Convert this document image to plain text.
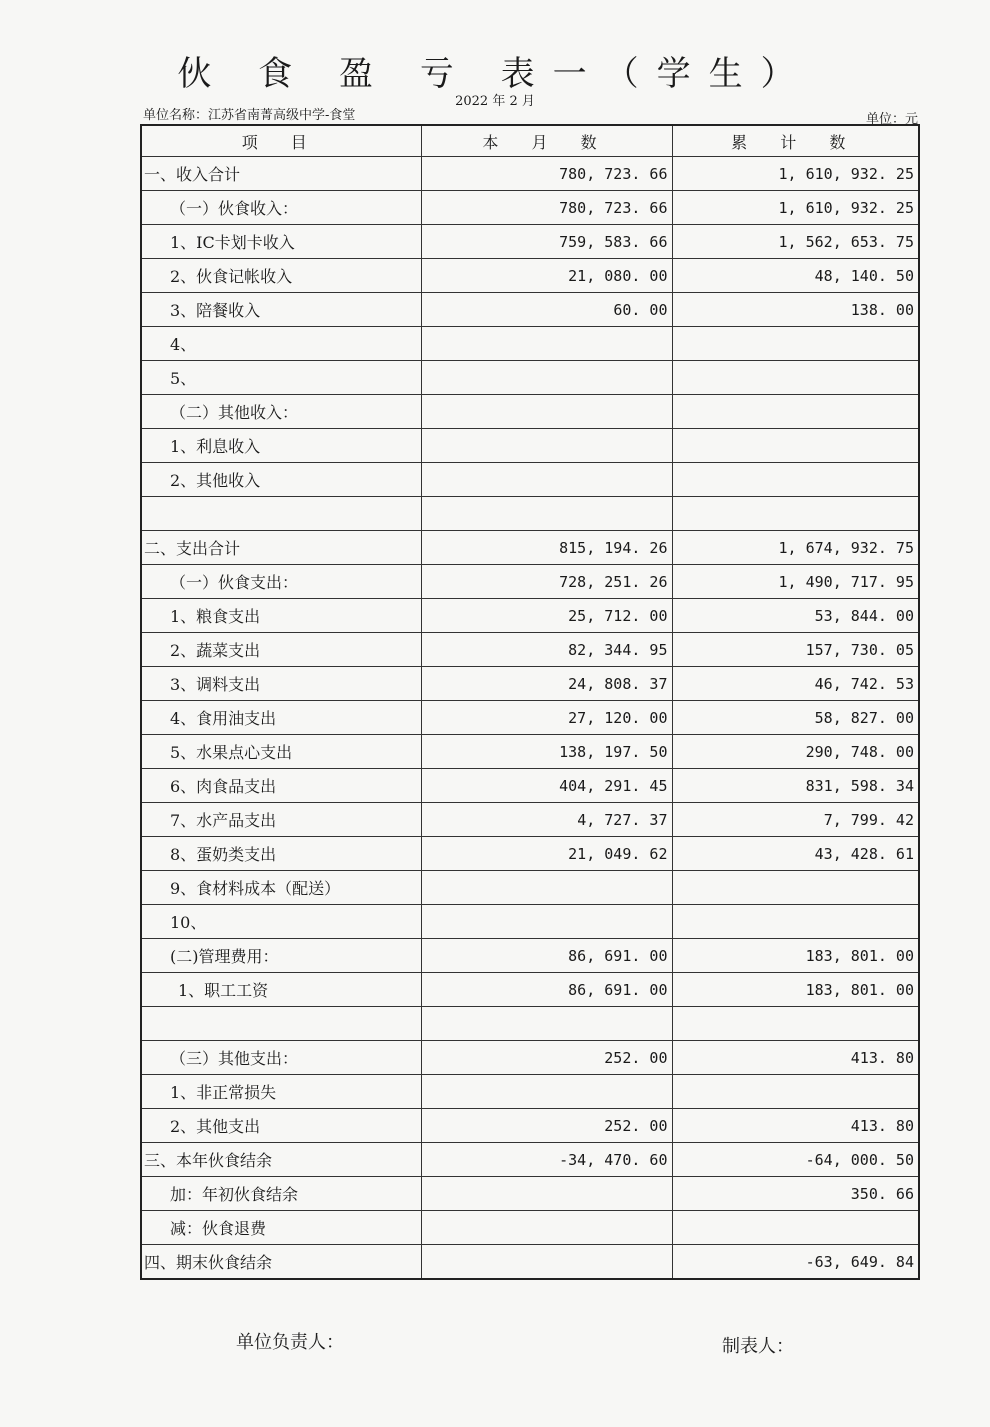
伙 食 盈 亏 表一（学生）
2022 年 2 月
单位名称：江苏省南菁高级中学-食堂	单位：元
项 目	本 月 数	累 计 数
一、收入合计	780, 723. 66	1, 610, 932. 25
（一）伙食收入：	780, 723. 66	1, 610, 932. 25
1、IC卡划卡收入	759, 583. 66	1, 562, 653. 75
2、伙食记帐收入	21, 080. 00	48, 140. 50
3、陪餐收入	60. 00	138. 00
4、		
5、		
（二）其他收入：		
1、利息收入		
2、其他收入		

二、支出合计	815, 194. 26	1, 674, 932. 75
（一）伙食支出：	728, 251. 26	1, 490, 717. 95
1、粮食支出	25, 712. 00	53, 844. 00
2、蔬菜支出	82, 344. 95	157, 730. 05
3、调料支出	24, 808. 37	46, 742. 53
4、食用油支出	27, 120. 00	58, 827. 00
5、水果点心支出	138, 197. 50	290, 748. 00
6、肉食品支出	404, 291. 45	831, 598. 34
7、水产品支出	4, 727. 37	7, 799. 42
8、蛋奶类支出	21, 049. 62	43, 428. 61
9、食材料成本（配送）		
10、		
(二)管理费用：	86, 691. 00	183, 801. 00
1、职工工资	86, 691. 00	183, 801. 00

（三）其他支出：	252. 00	413. 80
1、非正常损失		
2、其他支出	252. 00	413. 80
三、本年伙食结余	-34, 470. 60	-64, 000. 50
加：年初伙食结余		350. 66
减：伙食退费		
四、期末伙食结余		-63, 649. 84
单位负责人：	制表人：
